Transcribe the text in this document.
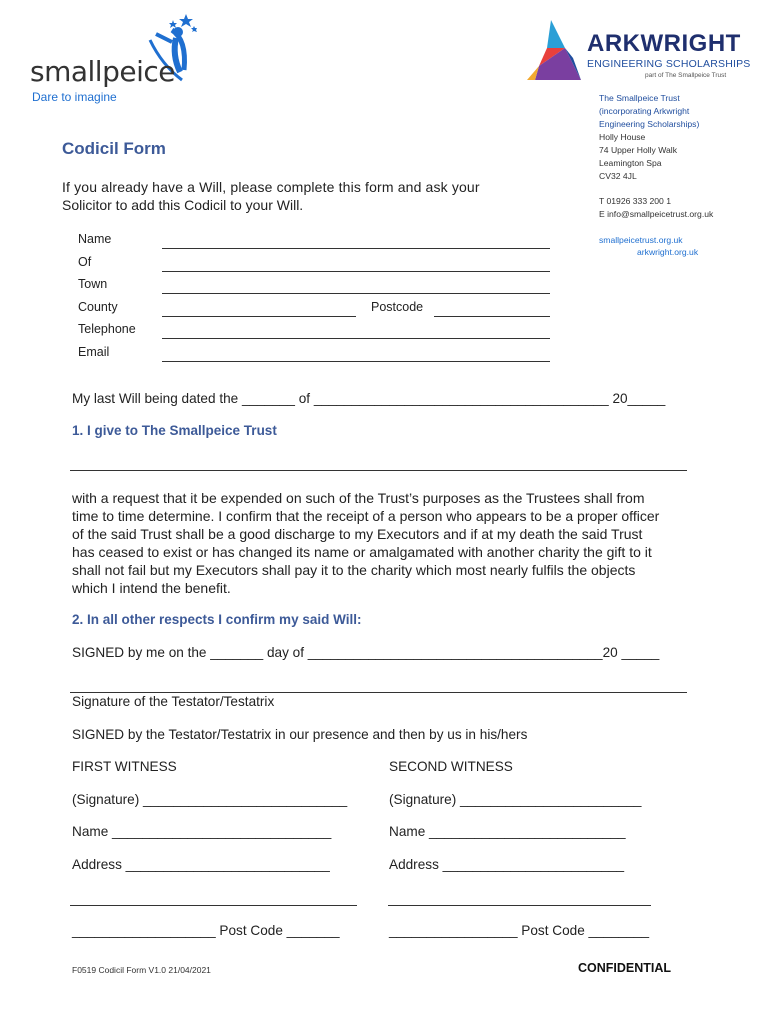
smallpeice
Dare to imagine
ARKWRIGHT
ENGINEERING SCHOLARSHIPS
part of The Smallpeice Trust
The Smallpeice Trust
(incorporating Arkwright
Engineering Scholarships)
Holly House
74 Upper Holly Walk
Leamington Spa
CV32 4JL
T 01926 333 200 1
E info@smallpeicetrust.org.uk
smallpeicetrust.org.uk
arkwright.org.uk
Codicil Form
If you already have a Will, please complete this form and ask your
Solicitor to add this Codicil to your Will.
Name
Of
Town
County	Postcode
Telephone
Email
My last Will being dated the _______ of _______________________________________ 20_____
1. I give to The Smallpeice Trust
with a request that it be expended on such of the Trust’s purposes as the Trustees shall from
time to time determine. I confirm that the receipt of a person who appears to be a proper officer
of the said Trust shall be a good discharge to my Executors and if at my death the said Trust
has ceased to exist or has changed its name or amalgamated with another charity the gift to it
shall not fail but my Executors shall pay it to the charity which most nearly fulfils the objects
which I intend the benefit.
2. In all other respects I confirm my said Will:
SIGNED by me on the _______ day of _______________________________________20 _____
Signature of the Testator/Testatrix
SIGNED by the Testator/Testatrix in our presence and then by us in his/hers
FIRST WITNESS	SECOND WITNESS
(Signature) ___________________________	(Signature) ________________________
Name _____________________________	Name __________________________
Address ___________________________	Address ________________________
___________________ Post Code _______	_________________ Post Code ________
F0519 Codicil Form V1.0 21/04/2021	CONFIDENTIAL
